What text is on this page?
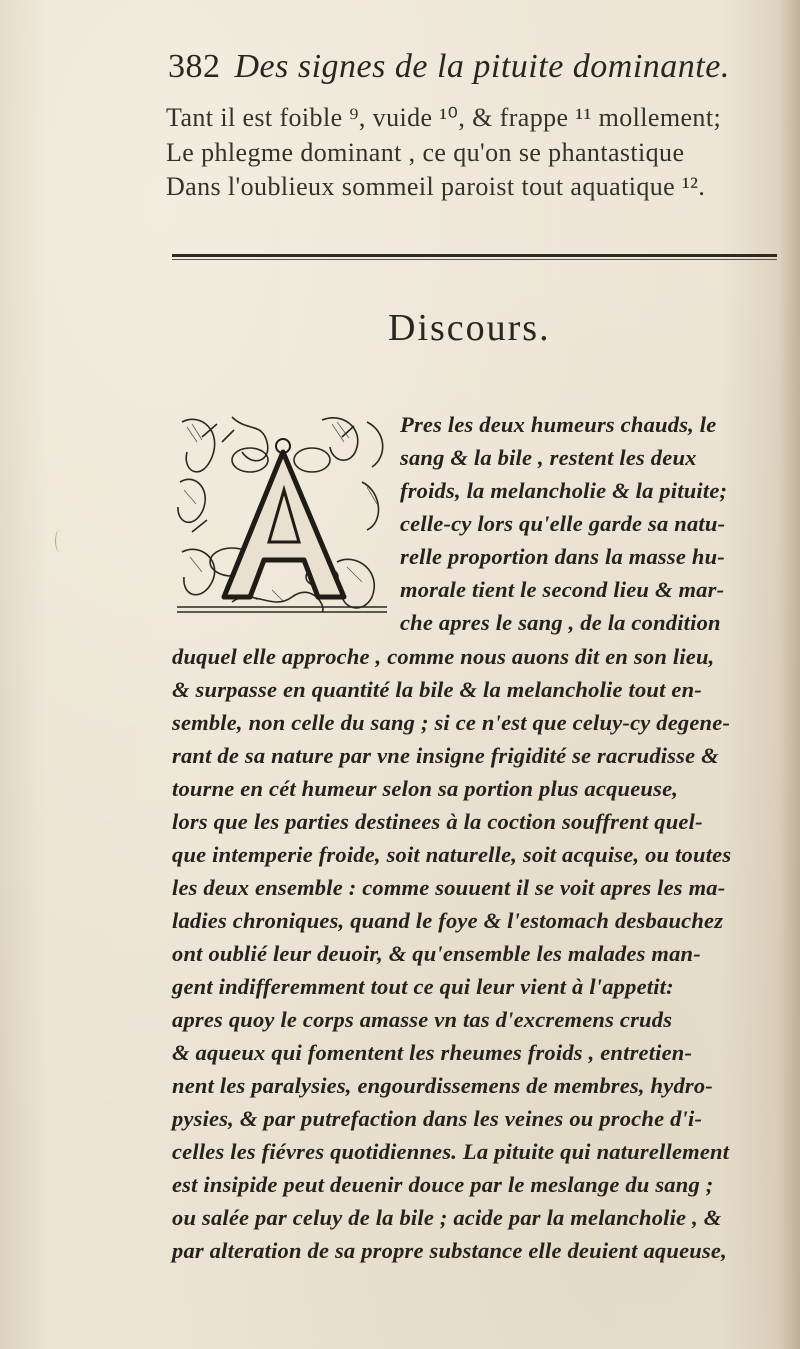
382 Des signes de la pituite dominante.
Tant il est foible ⁹, vuide ¹⁰, & frappe ¹¹ mollement;
Le phlegme dominant , ce qu'on se phantastique
Dans l'oublieux sommeil paroist tout aquatique ¹².
Discours.
A	Pres les deux humeurs chauds, le
sang & la bile , restent les deux
froids, la melancholie & la pituite;
celle-cy lors qu'elle garde sa natu-
relle proportion dans la masse hu-
morale tient le second lieu & mar-
che apres le sang , de la condition
duquel elle approche , comme nous auons dit en son lieu,
& surpasse en quantité la bile & la melancholie tout en-
semble, non celle du sang ; si ce n'est que celuy-cy degene-
rant de sa nature par vne insigne frigidité se racrudisse &
tourne en cét humeur selon sa portion plus acqueuse,
lors que les parties destinees à la coction souffrent quel-
que intemperie froide, soit naturelle, soit acquise, ou toutes
les deux ensemble : comme souuent il se voit apres les ma-
ladies chroniques, quand le foye & l'estomach desbauchez
ont oublié leur deuoir, & qu'ensemble les malades man-
gent indifferemment tout ce qui leur vient à l'appetit:
apres quoy le corps amasse vn tas d'excremens cruds
& aqueux qui fomentent les rheumes froids , entretien-
nent les paralysies, engourdissemens de membres, hydro-
pysies, & par putrefaction dans les veines ou proche d'i-
celles les fiévres quotidiennes. La pituite qui naturellement
est insipide peut deuenir douce par le meslange du sang ;
ou salée par celuy de la bile ; acide par la melancholie , &
par alteration de sa propre substance elle deuient aqueuse,
